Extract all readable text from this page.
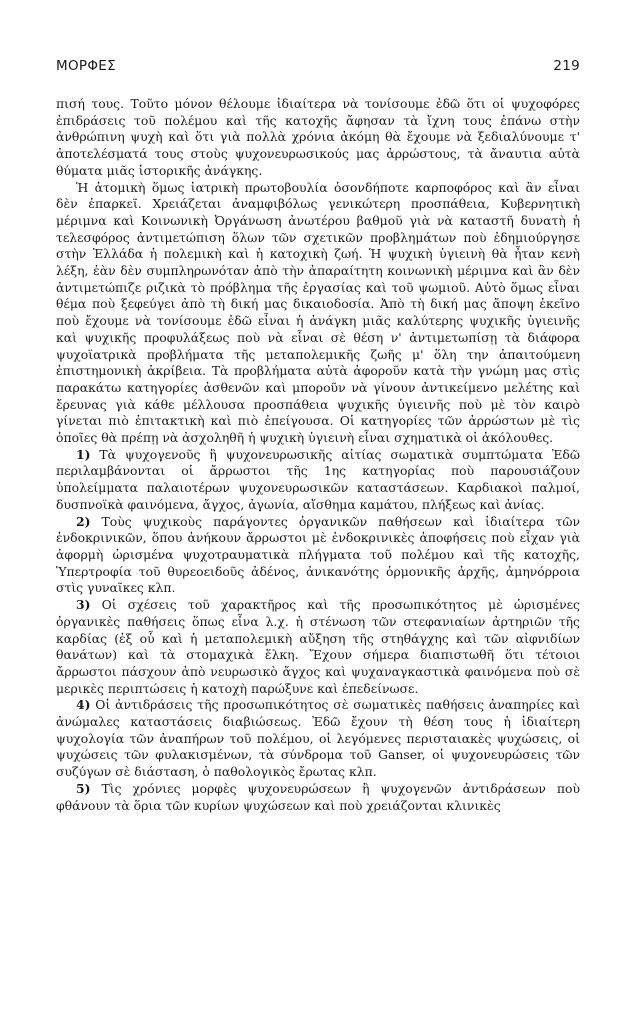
ΜΟΡΦΕΣ	219

πισή τους. Τοῦτο μόνον θέλουμε ἰδιαίτερα νὰ τονίσουμε ἐδῶ ὅτι οἱ ψυχοφόρες ἐπιδράσεις τοῦ πολέμου καὶ τῆς κατοχῆς ἄφησαν τὰ ἴχνη τους ἐπάνω στὴν ἀνθρώπινη ψυχὴ καὶ ὅτι γιὰ πολλὰ χρόνια ἀκόμη θὰ ἔχουμε νὰ ξεδιαλύνουμε τ' ἀποτελέσματά τους στοὺς ψυχονευρωσικούς μας ἀρρώστους, τὰ ἄναυτια αὐτὰ θύματα μιᾶς ἱστορικῆς ἀνάγκης.

Ἡ ἀτομικὴ ὅμως ἰατρικὴ πρωτοβουλία ὁσονδήποτε καρποφόρος καὶ ἂν εἶναι δὲν ἐπαρκεῖ. Χρειάζεται ἀναμφιβόλως γενικώτερη προσπάθεια, Κυβερνητικὴ μέριμνα καὶ Κοινωνικὴ Ὀργάνωση ἀνωτέρου βαθμοῦ γιὰ νὰ καταστῆ δυνατὴ ἡ τελεσφόρος ἀντιμετώπιση ὅλων τῶν σχετικῶν προβλημάτων ποὺ ἐδημιούργησε στὴν Ἑλλάδα ἡ πολεμικὴ καὶ ἡ κατοχικὴ ζωή. Ἡ ψυχικὴ ὑγιεινὴ θὰ ἦταν κενὴ λέξη, ἐὰν δὲν συμπληρωνόταν ἀπὸ τὴν ἀπαραίτητη κοινωνικὴ μέριμνα καὶ ἂν δὲν ἀντιμετώπιζε ριζικὰ τὸ πρόβλημα τῆς ἐργασίας καὶ τοῦ ψωμιοῦ. Αὐτὸ ὅμως εἶναι θέμα ποὺ ξεφεύγει ἀπὸ τὴ δική μας δικαιοδοσία. Ἀπὸ τὴ δική μας ἄποψη ἐκεῖνο ποὺ ἔχουμε νὰ τονίσουμε ἐδῶ εἶναι ἡ ἀνάγκη μιᾶς καλύτερης ψυχικῆς ὑγιεινῆς καὶ ψυχικῆς προφυλάξεως ποὺ νὰ εἶναι σὲ θέση ν' ἀντιμετωπίσῃ τὰ διάφορα ψυχοϊατρικὰ προβλήματα τῆς μεταπολεμικῆς ζωῆς μ' ὅλη την ἀπαιτούμενη ἐπιστημονικὴ ἀκρίβεια. Τὰ προβλήματα αὐτὰ ἀφοροῦν κατὰ τὴν γνώμη μας στὶς παρακάτω κατηγορίες ἀσθενῶν καὶ μποροῦν νὰ γίνουν ἀντικείμενο μελέτης καὶ ἔρευνας γιὰ κάθε μέλλουσα προσπάθεια ψυχικῆς ὑγιεινῆς ποὺ μὲ τὸν καιρὸ γίνεται πιὸ ἐπιτακτικὴ καὶ πιὸ ἐπείγουσα. Οἱ κατηγορίες τῶν ἀρρώστων μὲ τὶς ὁποῖες θὰ πρέπῃ νὰ ἀσχοληθῆ ἡ ψυχικὴ ὑγιεινὴ εἶναι σχηματικὰ οἱ ἀκόλουθες.

1) Τὰ ψυχογενοῦς ἢ ψυχονευρωσικῆς αἰτίας σωματικὰ συμπτώματα Ἐδῶ περιλαμβάνονται οἱ ἄρρωστοι τῆς 1ης κατηγορίας ποὺ παρουσιάζουν ὑπολείμματα παλαιοτέρων ψυχονευρωσικῶν καταστάσεων. Καρδιακοὶ παλμοί, δυσπνοϊκὰ φαινόμενα, ἄγχος, ἀγωνία, αἴσθημα καμάτου, πλήξεως καὶ ἀνίας.

2) Τοὺς ψυχικοὺς παράγοντες ὀργανικῶν παθήσεων καὶ ἰδιαίτερα τῶν ἐνδοκρινικῶν, ὅπου ἀνήκουν ἄρρωστοι μὲ ἐνδοκρινικὲς ἀποφήσεις ποὺ εἶχαν γιὰ ἀφορμὴ ὡρισμένα ψυχοτραυματικὰ πλήγματα τοῦ πολέμου καὶ τῆς κατοχῆς, Ὑπερτροφία τοῦ θυρεοειδοῦς ἀδένος, ἀνικανότης ὁρμονικῆς ἀρχῆς, ἀμηνόρροια στὶς γυναῖκες κλπ.

3) Οἱ σχέσεις τοῦ χαρακτῆρος καὶ τῆς προσωπικότητος μὲ ὡρισμένες ὀργανικὲς παθήσεις ὅπως εἶνα λ.χ. ἡ στένωση τῶν στεφανιαίων ἀρτηριῶν τῆς καρδίας (ἐξ οὗ καὶ ἡ μεταπολεμικὴ αὔξηση τῆς στηθάγχης καὶ τῶν αἰφνιδίων θανάτων) καὶ τὰ στομαχικὰ ἕλκη. Ἔχουν σήμερα διαπιστωθῆ ὅτι τέτοιοι ἄρρωστοι πάσχουν ἀπὸ νευρωσικὸ ἄγχος καὶ ψυχαναγκαστικὰ φαινόμενα ποὺ σὲ μερικὲς περιπτώσεις ἡ κατοχὴ παρώξυνε καὶ ἐπεδείνωσε.

4) Οἱ ἀντιδράσεις τῆς προσωπικότητος σὲ σωματικὲς παθήσεις ἀναπηρίες καὶ ἀνώμαλες καταστάσεις διαβιώσεως. Ἐδῶ ἔχουν τὴ θέση τους ἡ ἰδιαίτερη ψυχολογία τῶν ἀναπήρων τοῦ πολέμου, οἱ λεγόμενες περισταιακὲς ψυχώσεις, οἱ ψυχώσεις τῶν φυλακισμένων, τὰ σύνδρομα τοῦ Ganser, οἱ ψυχονευρώσεις τῶν συζύγων σὲ διάσταση, ὁ παθολογικὸς ἔρωτας κλπ.

5) Τὶς χρόνιες μορφὲς ψυχονευρώσεων ἢ ψυχογενῶν ἀντιδράσεων ποὺ φθάνουν τὰ ὅρια τῶν κυρίων ψυχώσεων καὶ ποὺ χρειάζονται κλινικὲς
